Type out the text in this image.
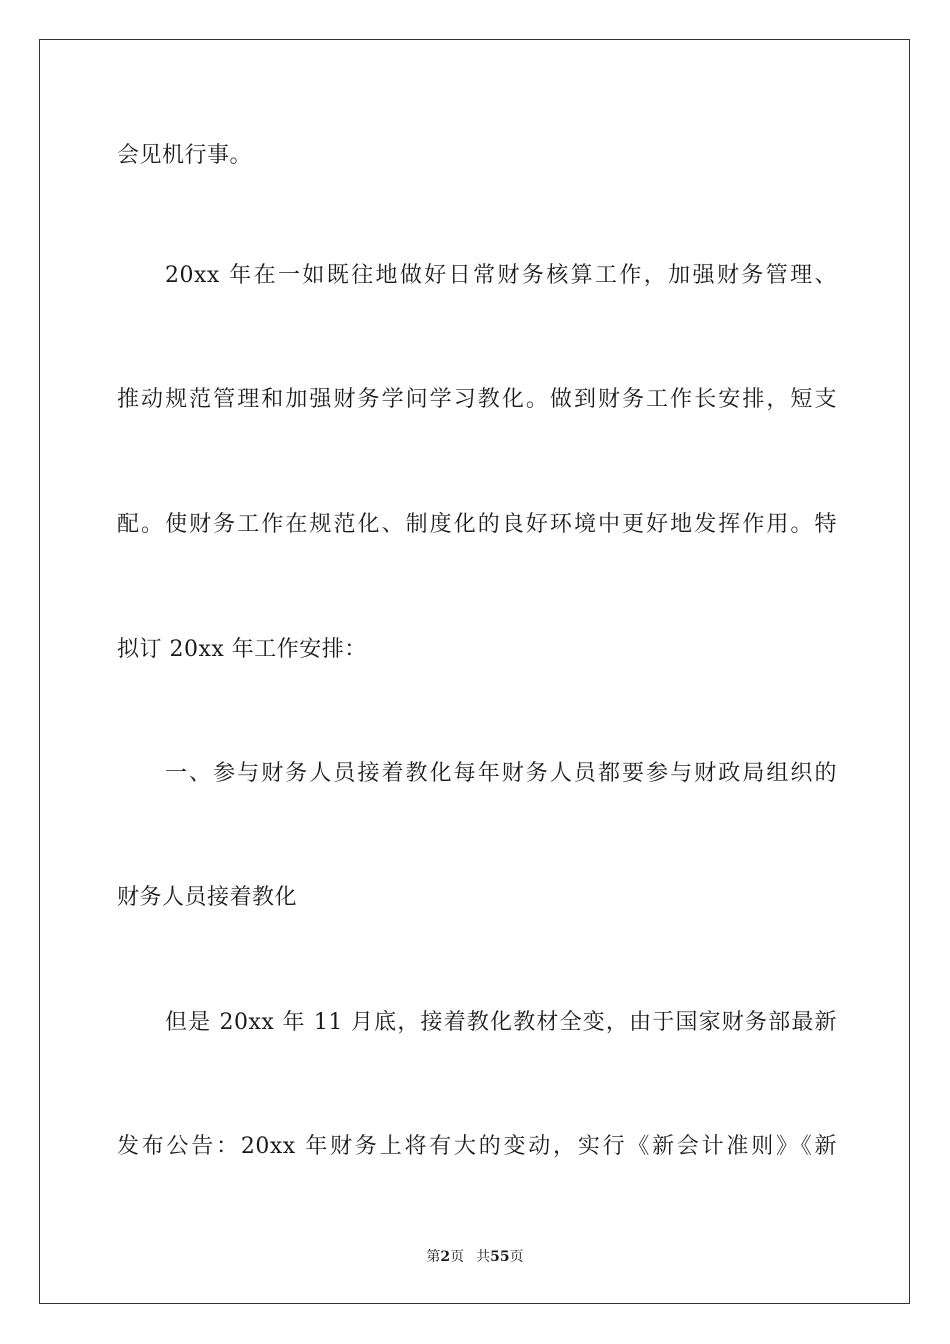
会见机行事。
20xx 年在一如既往地做好日常财务核算工作，加强财务管理、
推动规范管理和加强财务学问学习教化。做到财务工作长安排，短支
配。使财务工作在规范化、制度化的良好环境中更好地发挥作用。特
拟订 20xx 年工作安排：
一、参与财务人员接着教化每年财务人员都要参与财政局组织的
财务人员接着教化
但是 20xx 年 11 月底，接着教化教材全变，由于国家财务部最新
发布公告：20xx 年财务上将有大的变动，实行《新会计准则》《新
第2页 共55页
